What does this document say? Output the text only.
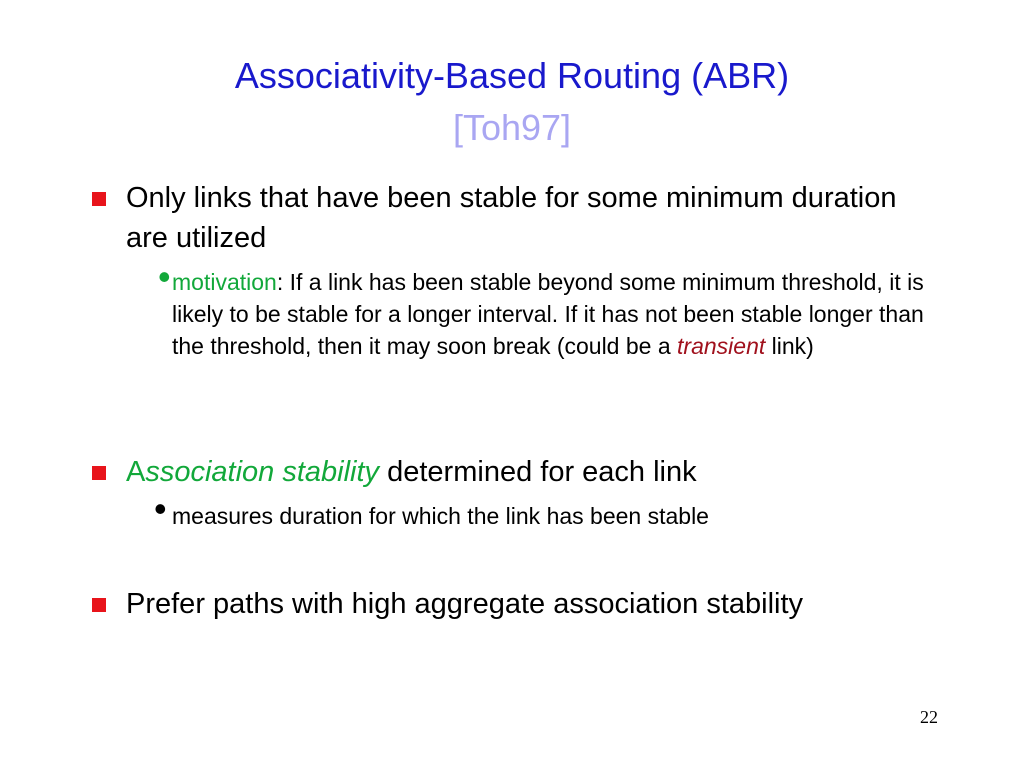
Associativity-Based Routing (ABR)
[Toh97]
Only links that have been stable for some minimum duration are utilized
• motivation: If a link has been stable beyond some minimum threshold, it is likely to be stable for a longer interval. If it has not been stable longer than the threshold, then it may soon break (could be a transient link)
Association stability determined for each link
• measures duration for which the link has been stable
Prefer paths with high aggregate association stability
22
